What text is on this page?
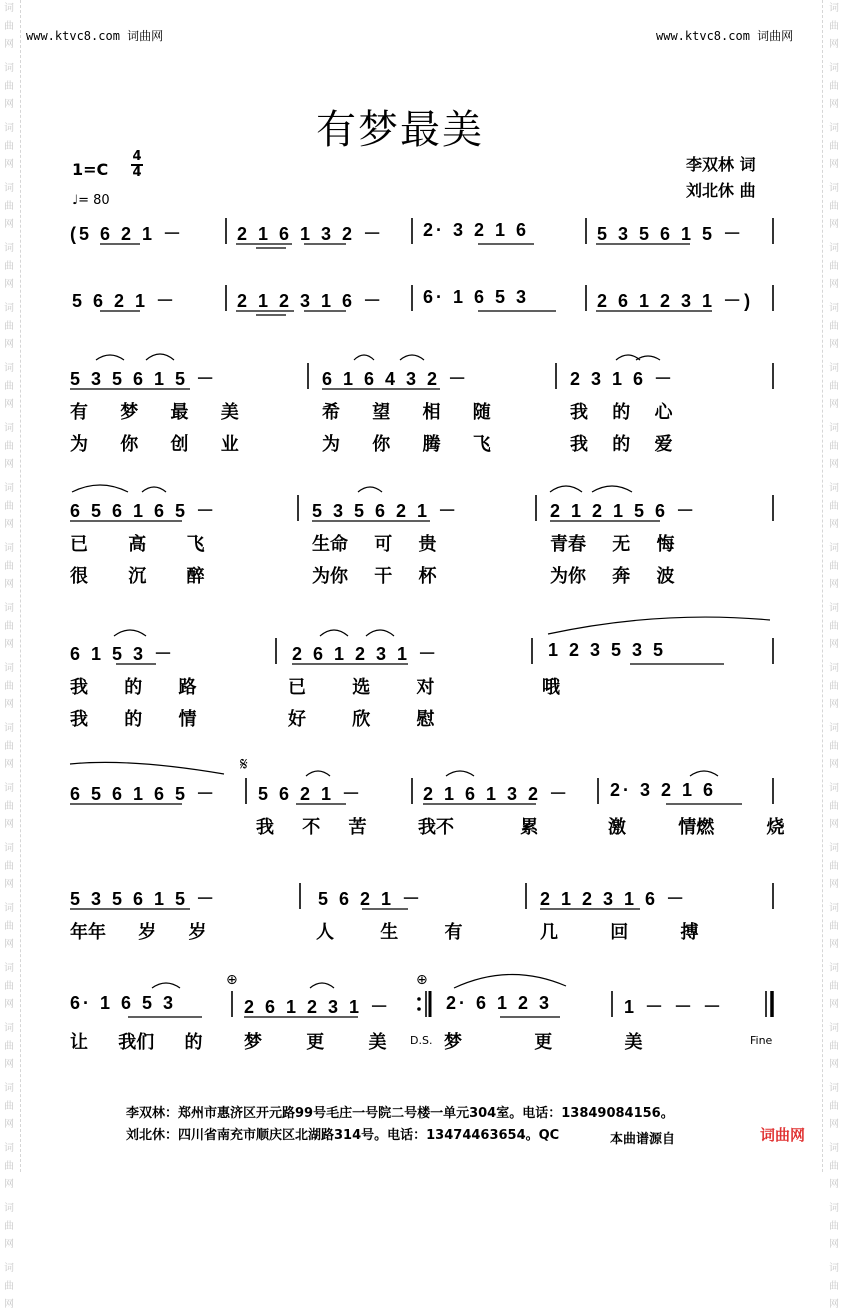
词
曲
网
词
曲
网
词
曲
网
词
曲
网
词
曲
网
词
曲
网
词
曲
网
词
曲
网
词
曲
网
词
曲
网
词
曲
网
词
曲
网
词
曲
网
词
曲
网
词
曲
网
词
曲
网
词
曲
网
词
曲
网
词
曲
网
词
曲
网
词
曲
网
词
曲
网
词
曲
网
词
曲
网
词
曲
网
词
曲
网
词
曲
网
词
曲
网
词
曲
网
词
曲
网
词
曲
网
词
曲
网
词
曲
网
词
曲
网
词
曲
网
词
曲
网
词
曲
网
词
曲
网
词
曲
网
词
曲
网
词
曲
网
词
曲
网
词
曲
网
词
曲
网
www.ktvc8.com 词曲网	www.ktvc8.com 词曲网
有梦最美
1=C
4
4
♩= 80
李双林 词
刘北休 曲
(5 6 2 1 －	2 1 6 1 3 2 － 2· 3 2 1 6	5 3 5 6 1 5 －
5 6 2 1 －	2 1 2 3 1 6 － 6· 1 6 5 3	2 6 1 2 3 1 －)
5 3 5 6 1 5 －	6 1 6 4 3 2 －	2 3 1 6 －
有 梦 最 美	希 望 相 随	我 的 心
为 你 创 业	为 你 腾 飞	我 的 爱
6 5 6 1 6 5 －	5 3 5 6 2 1 －	2 1 2 1 5 6 －
已 高 飞	生命 可 贵	青春 无 悔
很 沉 醉	为你 干 杯	为你 奔 波
6 1 5 3 －	2 6 1 2 3 1 －	1 2 3 5 3 5
我 的 路	已 选 对	哦
我 的 情	好 欣 慰
6 5 6 1 6 5 － 5 6 2 1 －	2 1 6 1 3 2 － 2· 3 2 1 6
我 不 苦	我不 累	激 情燃 烧
𝄋
5 3 5 6 1 5 －	5 6 2 1 －	2 1 2 3 1 6 －
年年 岁 岁	人 生 有	几 回 搏
6· 1 6 5 3	2 6 1 2 3 1 －	2· 6 1 2 3	1 － － －
让 我们 的 梦 更 美	梦 更 美
D.S.	Fine
⊕	⊕
李双林：郑州市惠济区开元路99号毛庄一号院二号楼一单元304室。电话：13849084156。
刘北休：四川省南充市顺庆区北湖路314号。电话：13474463654。QC	本曲谱源自	词曲网
